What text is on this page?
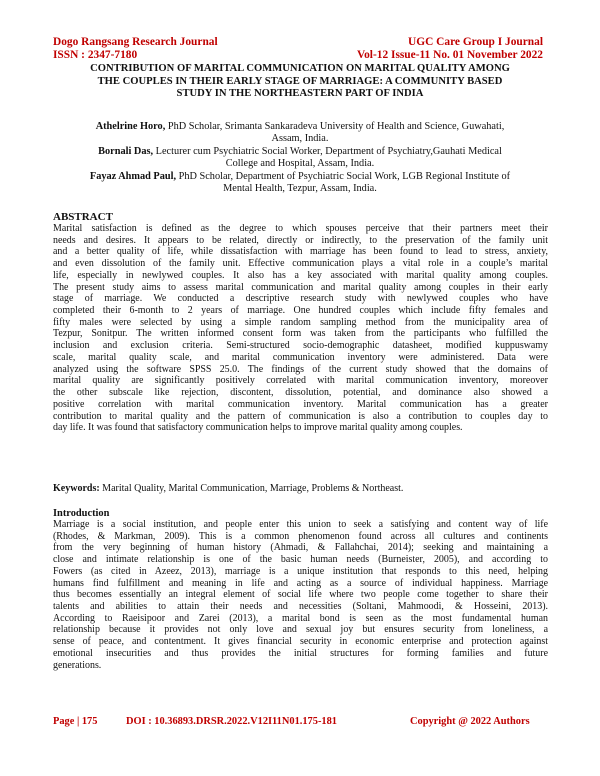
Dogo Rangsang Research Journal	UGC Care Group I Journal
ISSN : 2347-7180	Vol-12 Issue-11 No. 01 November 2022
CONTRIBUTION OF MARITAL COMMUNICATION ON MARITAL QUALITY AMONG
THE COUPLES IN THEIR EARLY STAGE OF MARRIAGE: A COMMUNITY BASED
STUDY IN THE NORTHEASTERN PART OF INDIA
Athelrine Horo, PhD Scholar, Srimanta Sankaradeva University of Health and Science, Guwahati,
Assam, India.
Bornali Das, Lecturer cum Psychiatric Social Worker, Department of Psychiatry,Gauhati Medical
College and Hospital, Assam, India.
Fayaz Ahmad Paul, PhD Scholar, Department of Psychiatric Social Work, LGB Regional Institute of
Mental Health, Tezpur, Assam, India.
ABSTRACT
Marital satisfaction is defined as the degree to which spouses perceive that their partners meet their
needs and desires. It appears to be related, directly or indirectly, to the preservation of the family unit
and a better quality of life, while dissatisfaction with marriage has been found to lead to stress, anxiety,
and even dissolution of the family unit. Effective communication plays a vital role in a couple’s marital
life, especially in newlywed couples. It also has a key associated with marital quality among couples.
The present study aims to assess marital communication and marital quality among couples in their early
stage of marriage. We conducted a descriptive research study with newlywed couples who have
completed their 6-month to 2 years of marriage. One hundred couples which include fifty females and
fifty males were selected by using a simple random sampling method from the municipality area of
Tezpur, Sonitpur. The written informed consent form was taken from the participants who fulfilled the
inclusion and exclusion criteria. Semi-structured socio-demographic datasheet, modified kuppuswamy
scale, marital quality scale, and marital communication inventory were administered. Data were
analyzed using the software SPSS 25.0. The findings of the current study showed that the domains of
marital quality are significantly positively correlated with marital communication inventory, moreover
the other subscale like rejection, discontent, dissolution, potential, and dominance also showed a
positive correlation with marital communication inventory. Marital communication has a greater
contribution to marital quality and the pattern of communication is also a contribution to couples day to
day life. It was found that satisfactory communication helps to improve marital quality among couples.
Keywords: Marital Quality, Marital Communication, Marriage, Problems & Northeast.
Introduction
Marriage is a social institution, and people enter this union to seek a satisfying and content way of life
(Rhodes, & Markman, 2009). This is a common phenomenon found across all cultures and continents
from the very beginning of human history (Ahmadi, & Fallahchai, 2014); seeking and maintaining a
close and intimate relationship is one of the basic human needs (Burneister, 2005), and according to
Fowers (as cited in Azeez, 2013), marriage is a unique institution that responds to this need, helping
humans find fulfillment and meaning in life and acting as a source of individual happiness. Marriage
thus becomes essentially an integral element of social life where two people come together to share their
talents and abilities to attain their needs and necessities (Soltani, Mahmoodi, & Hosseini, 2013).
According to Raeisipoor and Zarei (2013), a marital bond is seen as the most fundamental human
relationship because it provides not only love and sexual joy but ensures security from loneliness, a
sense of peace, and contentment. It gives financial security in economic enterprise and protection against
emotional insecurities and thus provides the initial structures for forming families and future
generations.
Page | 175	DOI : 10.36893.DRSR.2022.V12I11N01.175-181	Copyright @ 2022 Authors
